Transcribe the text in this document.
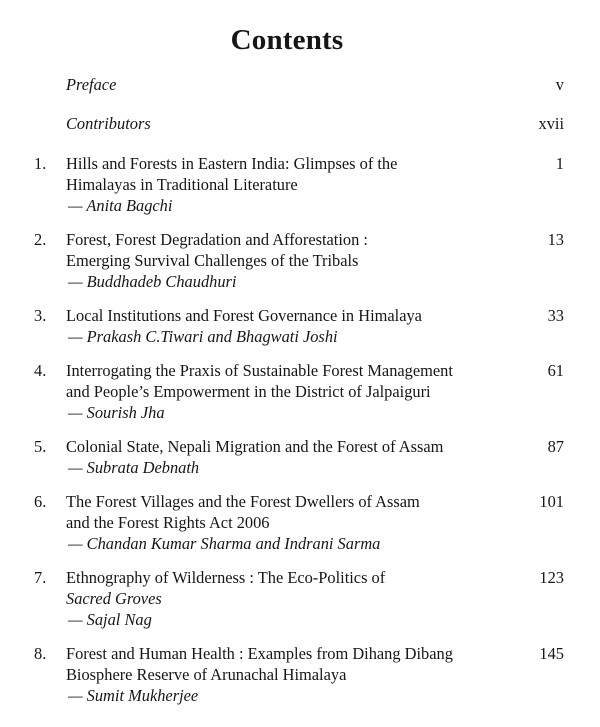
Contents
Preface	v
Contributors	xvii
1. Hills and Forests in Eastern India: Glimpses of the
Himalayas in Traditional Literature
— Anita Bagchi
1
2. Forest, Forest Degradation and Afforestation :
Emerging Survival Challenges of the Tribals
— Buddhadeb Chaudhuri
13
3. Local Institutions and Forest Governance in Himalaya
— Prakash C.Tiwari and Bhagwati Joshi
33
4. Interrogating the Praxis of Sustainable Forest Management
and People’s Empowerment in the District of Jalpaiguri
— Sourish Jha
61
5. Colonial State, Nepali Migration and the Forest of Assam
— Subrata Debnath
87
6. The Forest Villages and the Forest Dwellers of Assam
and the Forest Rights Act 2006
— Chandan Kumar Sharma and Indrani Sarma
101
7. Ethnography of Wilderness : The Eco-Politics of
Sacred Groves
— Sajal Nag
123
8. Forest and Human Health : Examples from Dihang Dibang
Biosphere Reserve of Arunachal Himalaya
— Sumit Mukherjee
145
